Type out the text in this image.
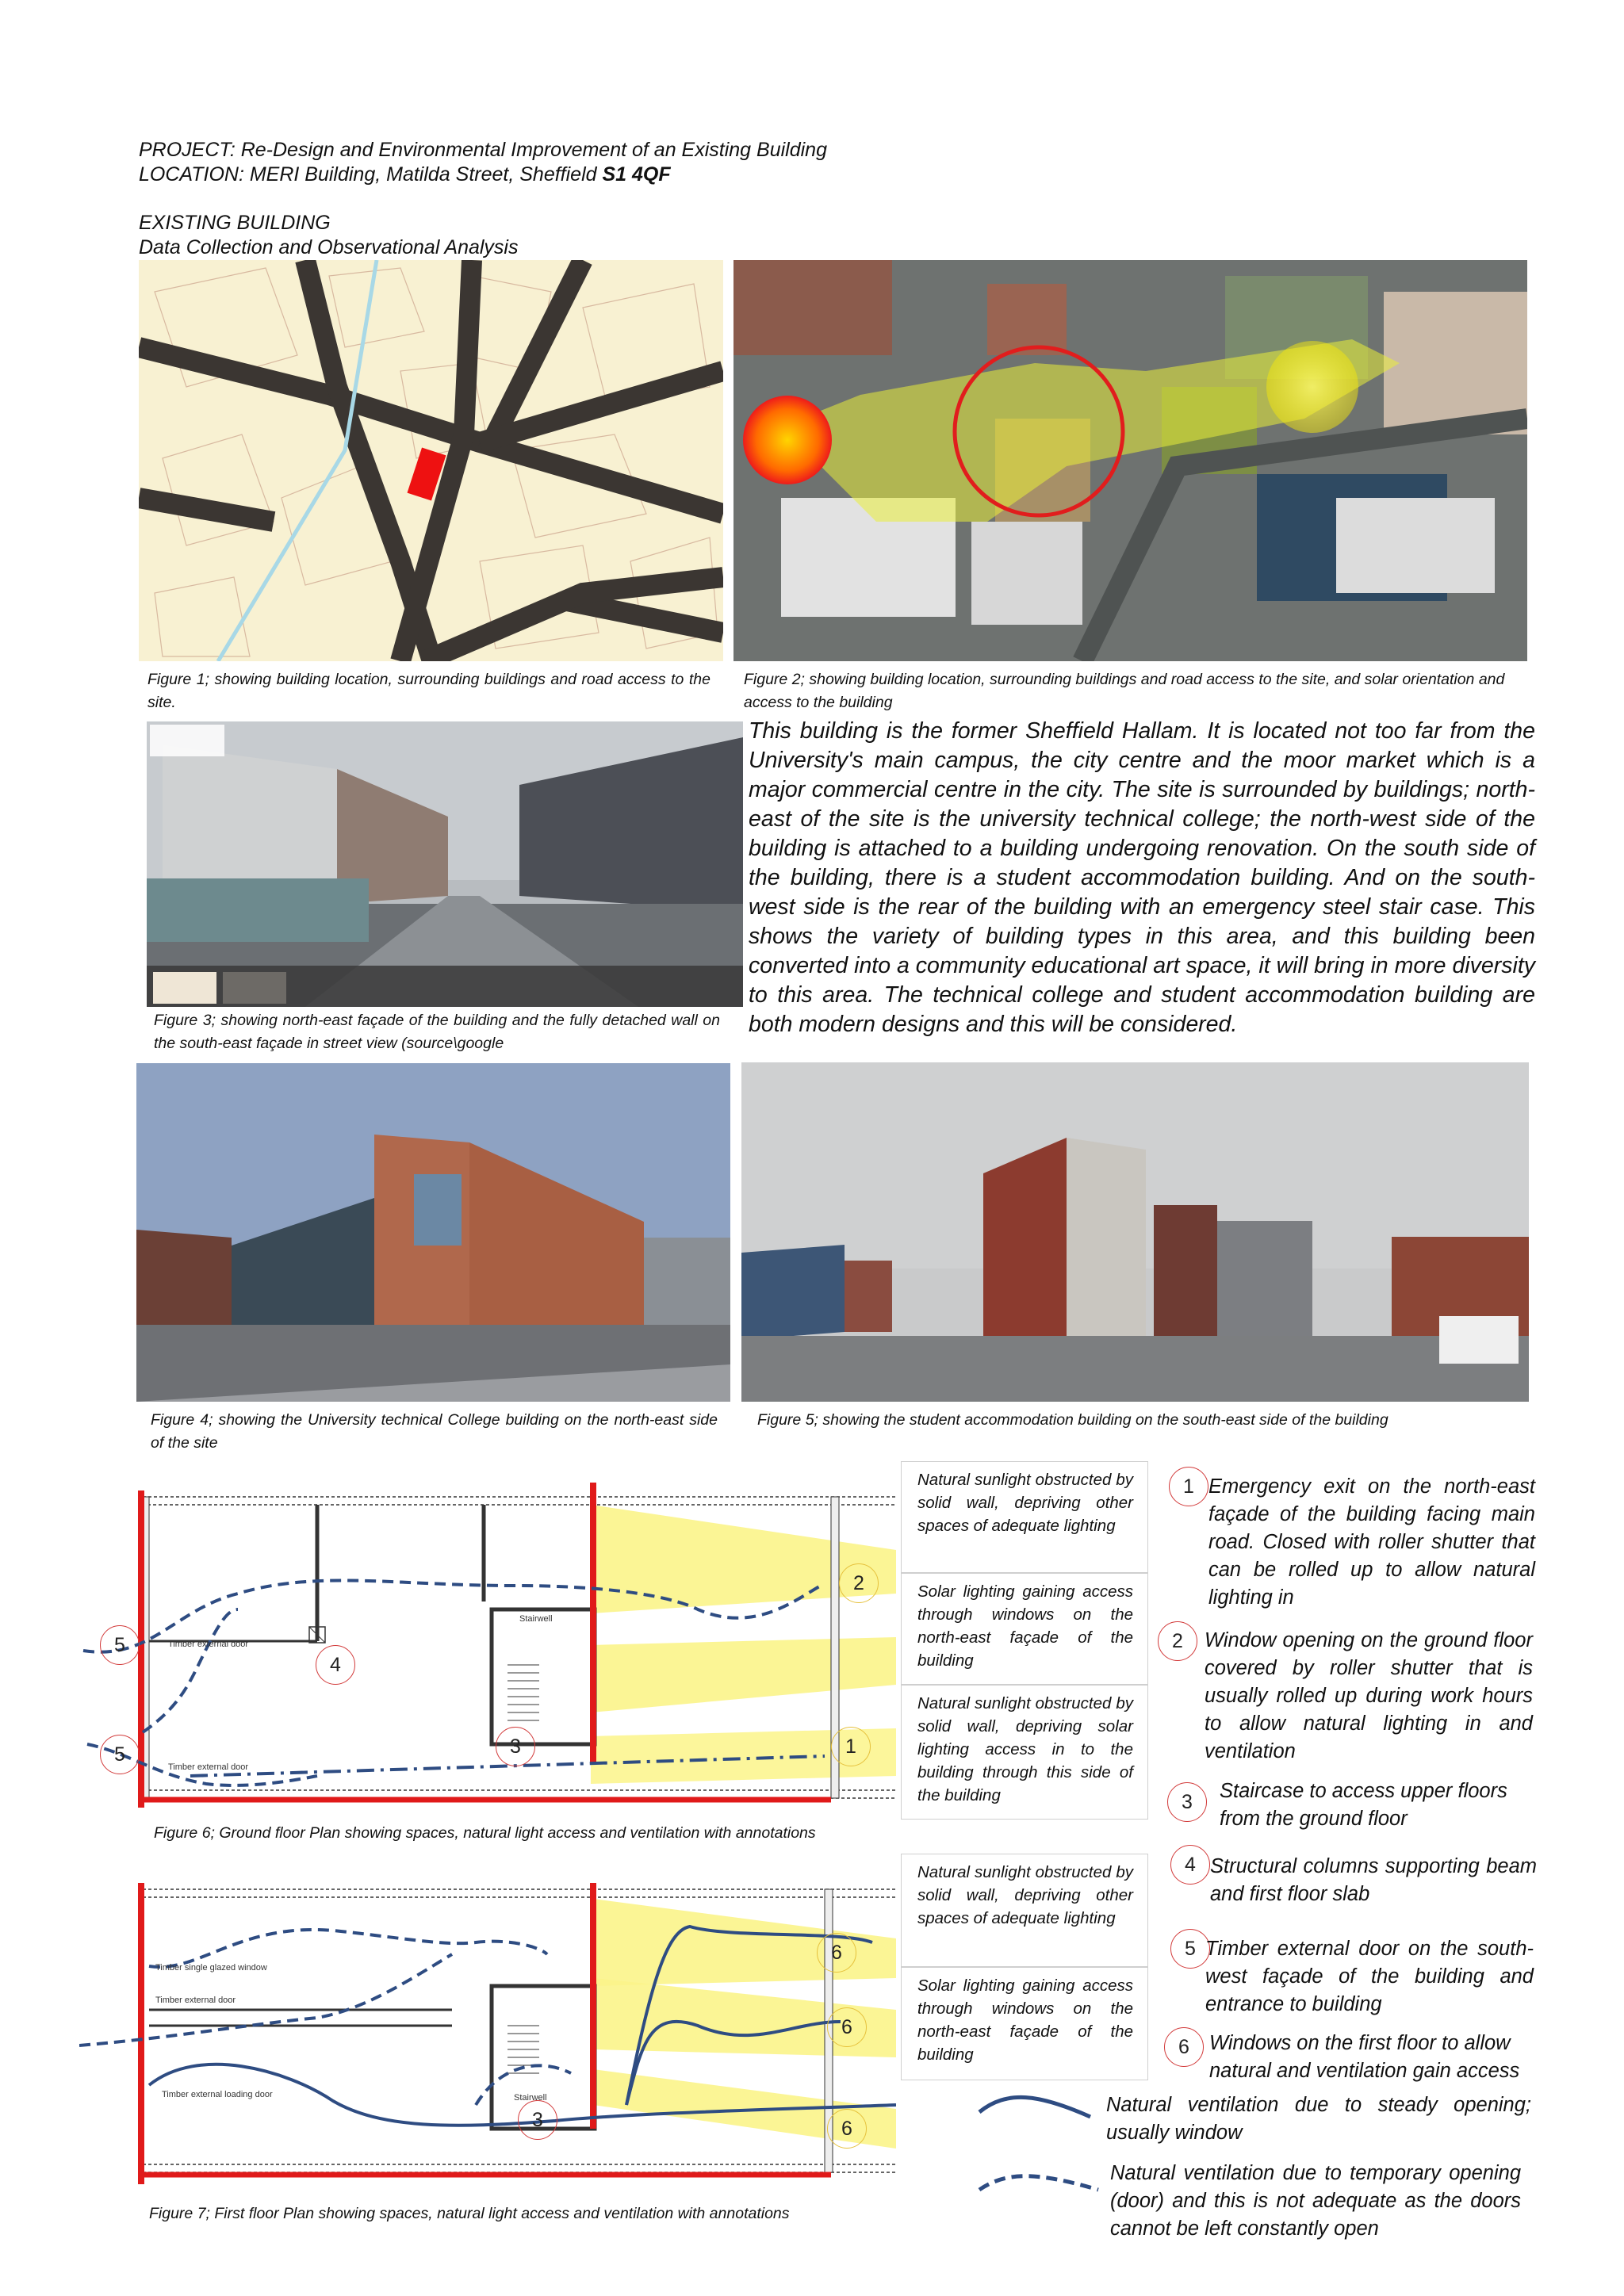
PROJECT: Re-Design and Environmental Improvement of an Existing Building
LOCATION: MERI Building, Matilda Street, Sheffield S1 4QF
EXISTING BUILDING
Data Collection and Observational Analysis
Figure 1; showing building location, surrounding buildings and road access to the site.
Figure 2; showing building location, surrounding buildings and road access to the site, and solar orientation and access to the building
Figure 3; showing north-east façade of the building and the fully detached wall on the south-east façade in street view (source\google
This building is the former Sheffield Hallam. It is located not too far from the University's main campus, the city centre and the moor market which is a major commercial centre in the city. The site is surrounded by buildings; north-east of the site is the university technical college; the north-west side of the building is attached to a building undergoing renovation. On the south side of the building, there is a student accommodation building. And on the south-west side is the rear of the building with an emergency steel stair case. This shows the variety of building types in this area, and this building been converted into a community educational art space, it will bring in more diversity to this area. The technical college and student accommodation building are both modern designs and this will be considered.
Figure 4; showing the University technical College building on the north-east side of the site
Figure 5; showing the student accommodation building on the south-east side of the building
Stairwell
Timber external door
Timber external door
2
5
4
3	1
5
Figure 6; Ground floor Plan showing spaces, natural light access and ventilation with annotations
Natural sunlight obstructed by solid wall, depriving other spaces of adequate lighting
Solar lighting gaining access through windows on the north-east façade of the building
Natural sunlight obstructed by solid wall, depriving solar lighting access in to the building through this side of the building
Stairwell
Timber single glazed window
Timber external door
Timber external loading door
6
6
3	6
Figure 7; First floor Plan showing spaces, natural light access and ventilation with annotations
Natural sunlight obstructed by solid wall, depriving other spaces of adequate lighting
Solar lighting gaining access through windows on the north-east façade of the building
1 Emergency exit on the north-east façade of the building facing main road. Closed with roller shutter that can be rolled up to allow natural lighting in
2	Window opening on the ground floor covered by roller shutter that is usually rolled up during work hours to allow natural lighting in and ventilation
3	Staircase to access upper floors from the ground floor
4 Structural columns supporting beam and first floor slab
5 Timber external door on the south-west façade of the building and entrance to building
6 Windows on the first floor to allow natural and ventilation gain access
Natural ventilation due to steady opening; usually window
Natural ventilation due to temporary opening (door) and this is not adequate as the doors cannot be left constantly open
